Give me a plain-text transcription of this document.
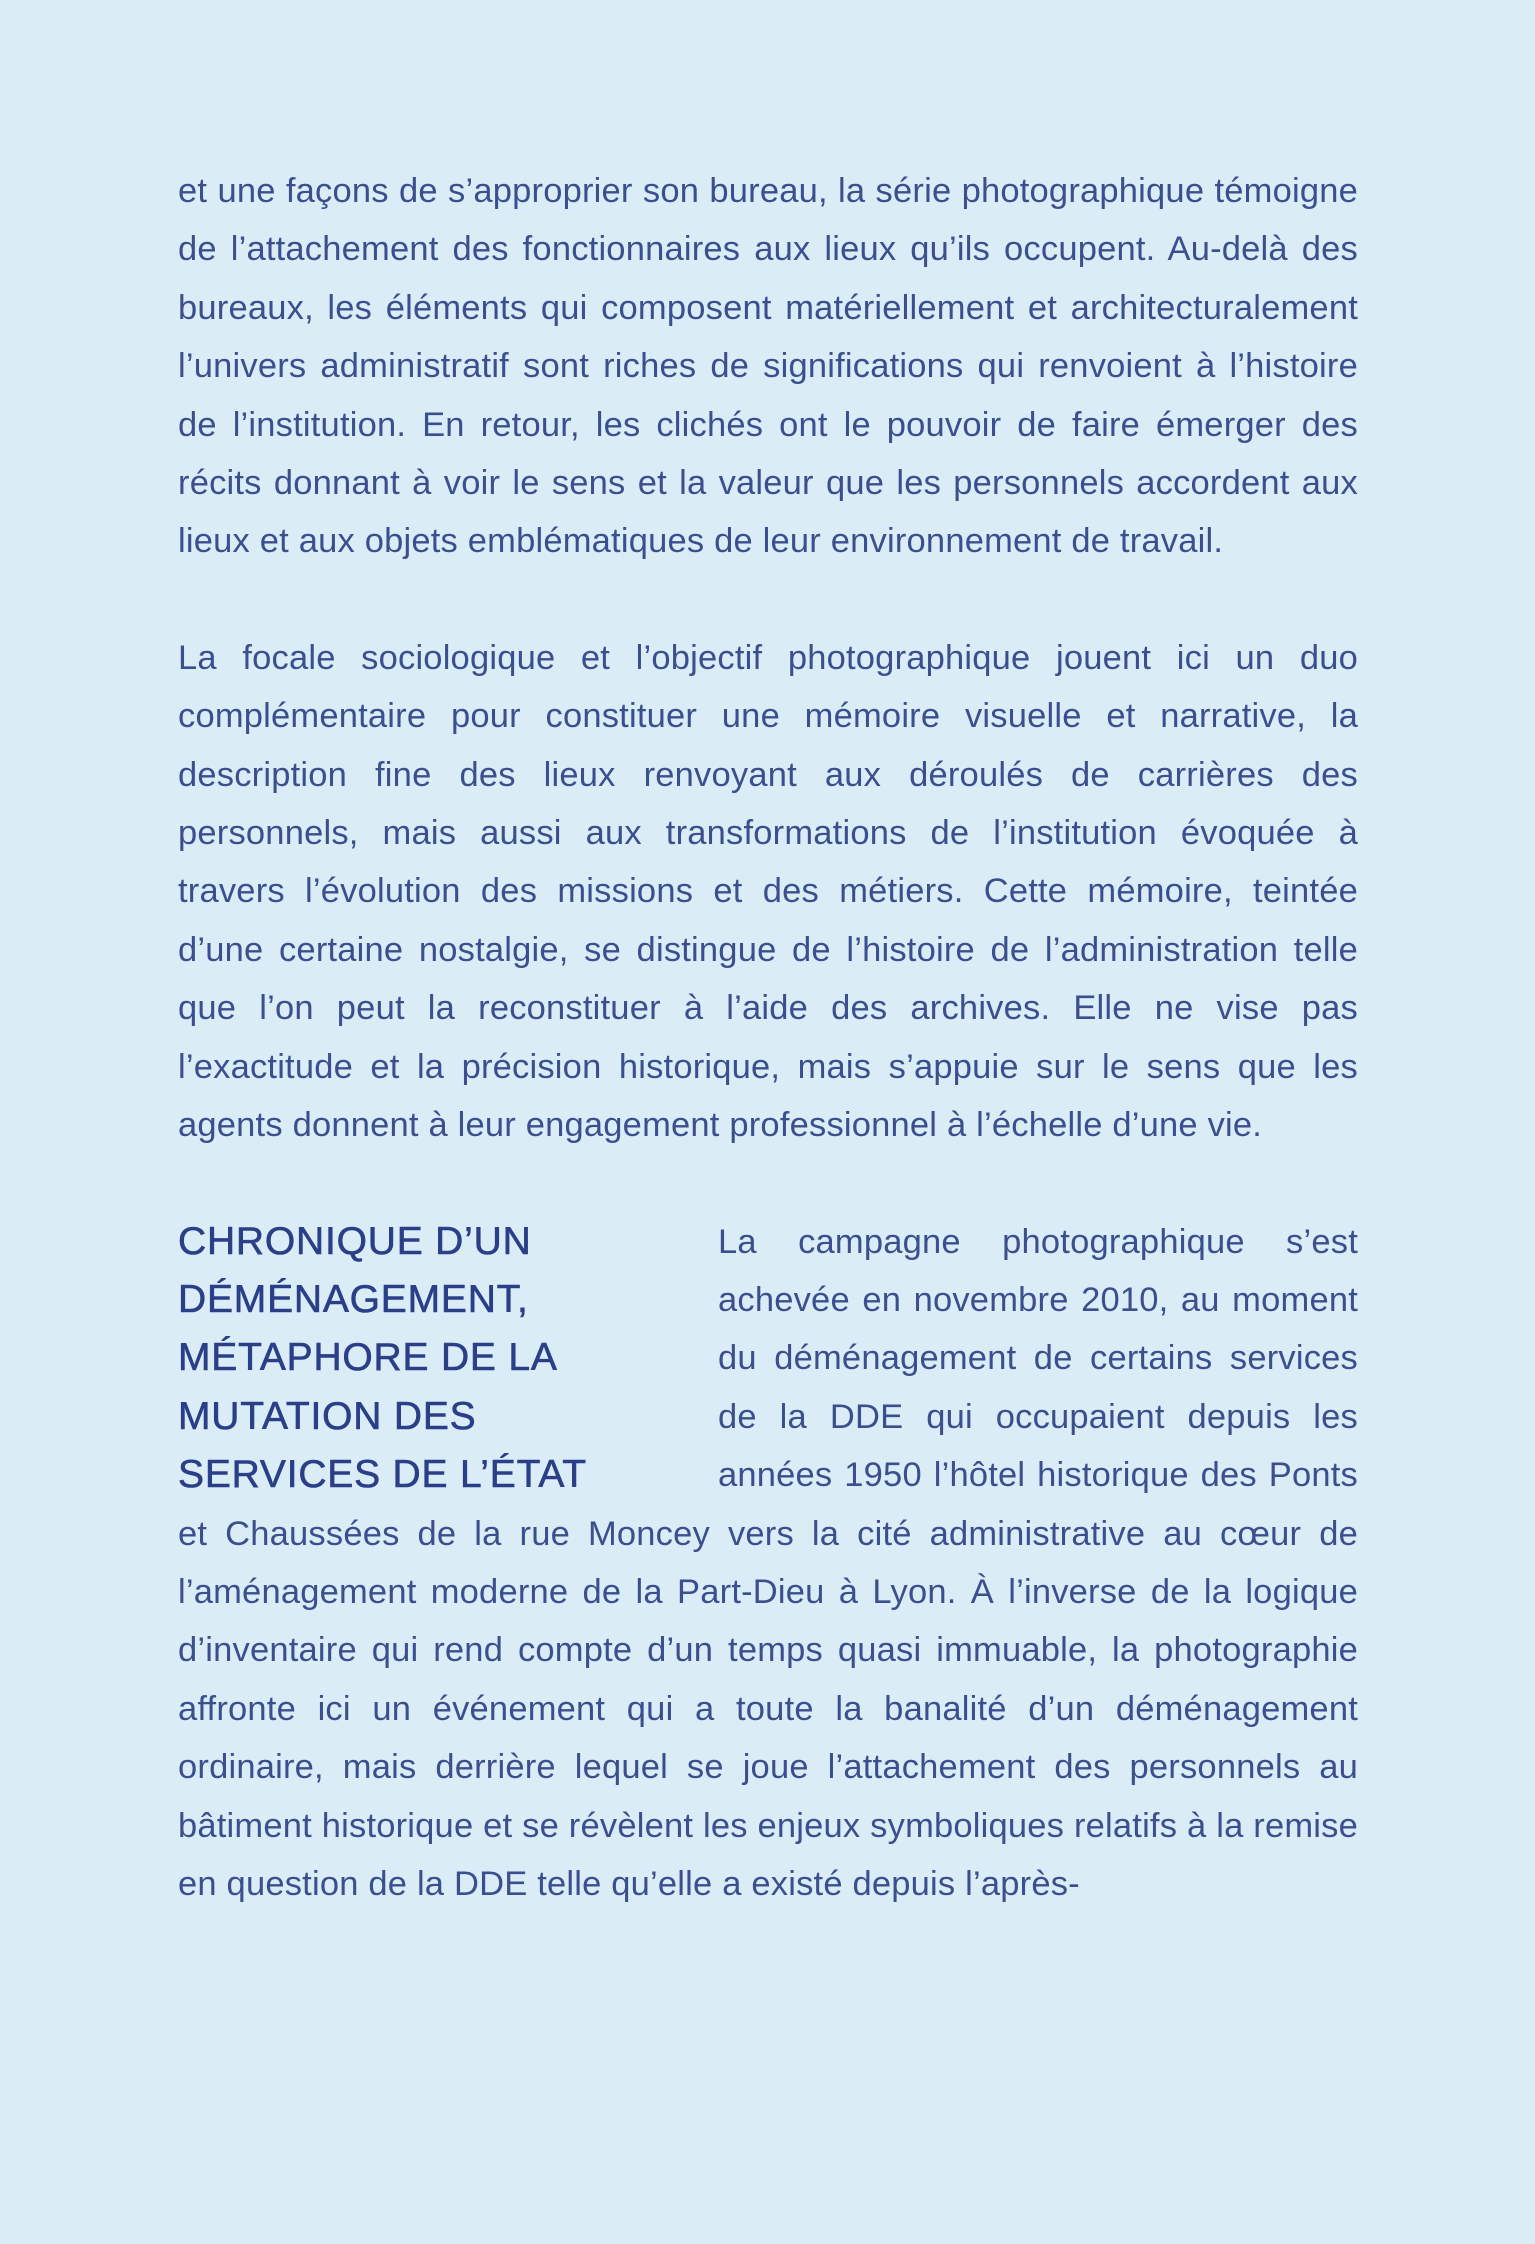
et une façons de s’approprier son bureau, la série photographique témoigne de l’attachement des fonctionnaires aux lieux qu’ils occupent. Au-delà des bureaux, les éléments qui composent matériellement et architecturalement l’univers administratif sont riches de significations qui renvoient à l’histoire de l’institution. En retour, les clichés ont le pouvoir de faire émerger des récits donnant à voir le sens et la valeur que les personnels accordent aux lieux et aux objets emblématiques de leur environnement de travail.

La focale sociologique et l’objectif photographique jouent ici un duo complémentaire pour constituer une mémoire visuelle et narrative, la description fine des lieux renvoyant aux déroulés de carrières des personnels, mais aussi aux transformations de l’institution évoquée à travers l’évolution des missions et des métiers. Cette mémoire, teintée d’une certaine nostalgie, se distingue de l’histoire de l’administration telle que l’on peut la reconstituer à l’aide des archives. Elle ne vise pas l’exactitude et la précision historique, mais s’appuie sur le sens que les agents donnent à leur engagement professionnel à l’échelle d’une vie.

CHRONIQUE D’UN
DÉMÉNAGEMENT,
MÉTAPHORE DE LA
MUTATION DES
SERVICES DE L’ÉTAT

La campagne photographique s’est achevée en novembre 2010, au moment du déménagement de certains services de la DDE qui occupaient depuis les années 1950 l’hôtel historique des Ponts et Chaussées de la rue Moncey vers la cité administrative au cœur de l’aménagement moderne de la Part-Dieu à Lyon. À l’inverse de la logique d’inventaire qui rend compte d’un temps quasi immuable, la photographie affronte ici un événement qui a toute la banalité d’un déménagement ordinaire, mais derrière lequel se joue l’attachement des personnels au bâtiment historique et se révèlent les enjeux symboliques relatifs à la remise en question de la DDE telle qu’elle a existé depuis l’après-
